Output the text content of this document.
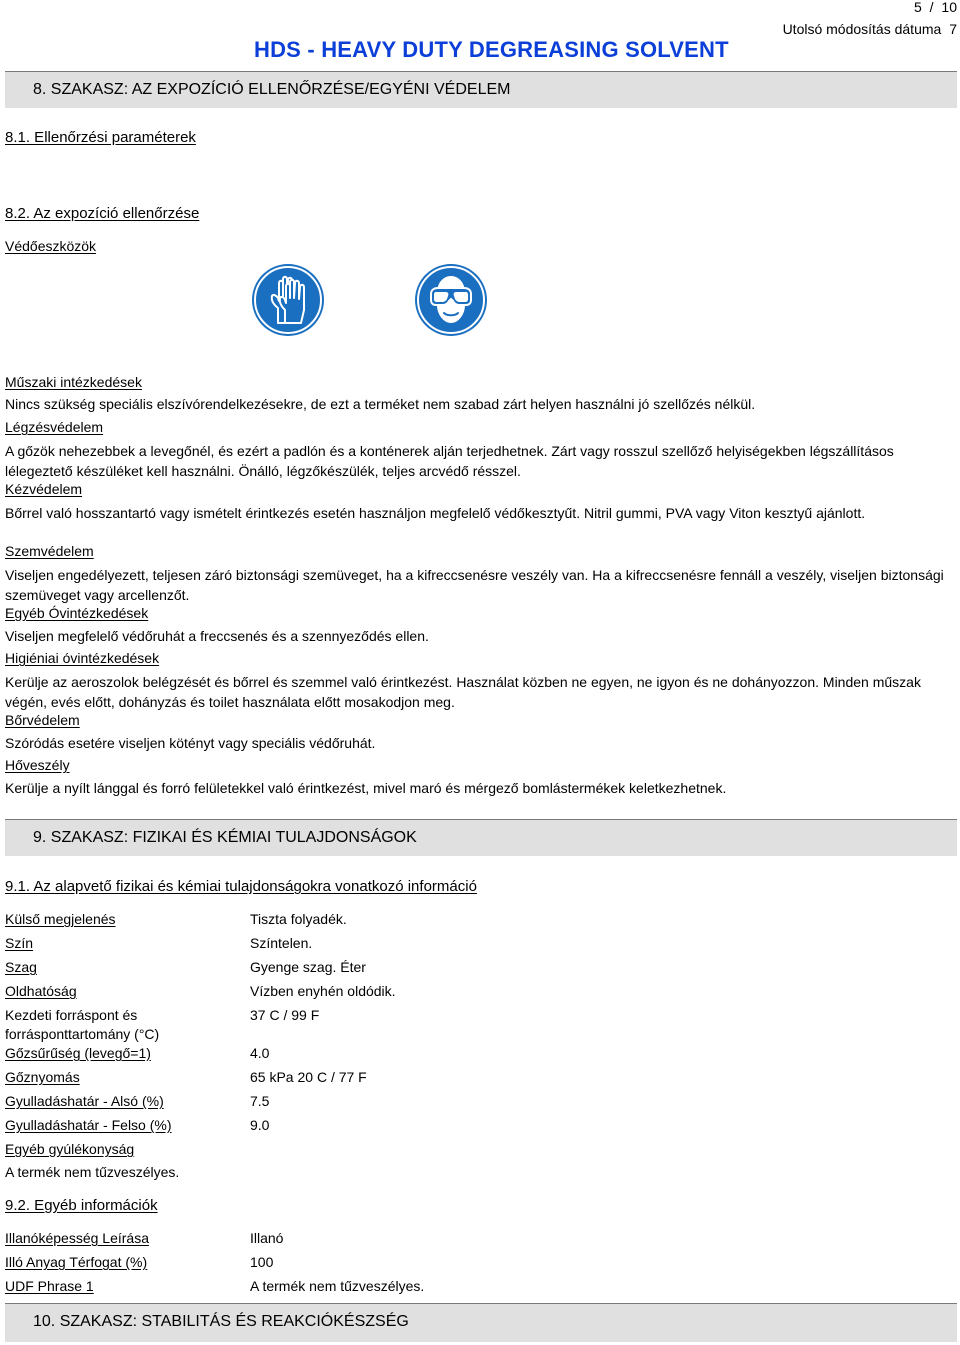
5 / 10
Utolsó módosítás dátuma 7
HDS - HEAVY DUTY DEGREASING SOLVENT
8. SZAKASZ: AZ EXPOZÍCIÓ ELLENŐRZÉSE/EGYÉNI VÉDELEM
8.1. Ellenőrzési paraméterek
8.2. Az expozíció ellenőrzése
Védőeszközök
Műszaki intézkedések
Nincs szükség speciális elszívórendelkezésekre, de ezt a terméket nem szabad zárt helyen használni jó szellőzés nélkül.
Légzésvédelem
A gőzök nehezebbek a levegőnél, és ezért a padlón és a konténerek alján terjedhetnek. Zárt vagy rosszul szellőző helyiségekben légszállításos lélegeztető készüléket kell használni. Önálló, légzőkészülék, teljes arcvédő résszel.
Kézvédelem
Bőrrel való hosszantartó vagy ismételt érintkezés esetén használjon megfelelő védőkesztyűt. Nitril gummi, PVA vagy Viton kesztyű ajánlott.
Szemvédelem
Viseljen engedélyezett, teljesen záró biztonsági szemüveget, ha a kifreccsenésre veszély van. Ha a kifreccsenésre fennáll a veszély, viseljen biztonsági szemüveget vagy arcellenzőt.
Egyéb Óvintézkedések
Viseljen megfelelő védőruhát a freccsenés és a szennyeződés ellen.
Higiéniai óvintézkedések
Kerülje az aeroszolok belégzését és bőrrel és szemmel való érintkezést. Használat közben ne egyen, ne igyon és ne dohányozzon. Minden műszak végén, evés előtt, dohányzás és toilet használata előtt mosakodjon meg.
Bőrvédelem
Szóródás esetére viseljen kötényt vagy speciális védőruhát.
Hőveszély
Kerülje a nyílt lánggal és forró felületekkel való érintkezést, mivel maró és mérgező bomlástermékek keletkezhetnek.
9. SZAKASZ: FIZIKAI ÉS KÉMIAI TULAJDONSÁGOK
9.1. Az alapvető fizikai és kémiai tulajdonságokra vonatkozó információ
Külső megjelenés	Tiszta folyadék.
Szín	Színtelen.
Szag	Gyenge szag. Éter
Oldhatóság	Vízben enyhén oldódik.
Kezdeti forráspont és forrásponttartomány (°C)
37 C / 99 F
Gőzsűrűség (levegő=1)	4.0
Gőznyomás	65 kPa 20 C / 77 F
Gyulladáshatár - Alsó (%)	7.5
Gyulladáshatár - Felso (%)	9.0
Egyéb gyúlékonyság
A termék nem tűzveszélyes.
9.2. Egyéb információk
Illanóképesség Leírása	Illanó
Illó Anyag Térfogat (%)	100
UDF Phrase 1	A termék nem tűzveszélyes.
10. SZAKASZ: STABILITÁS ÉS REAKCIÓKÉSZSÉG
